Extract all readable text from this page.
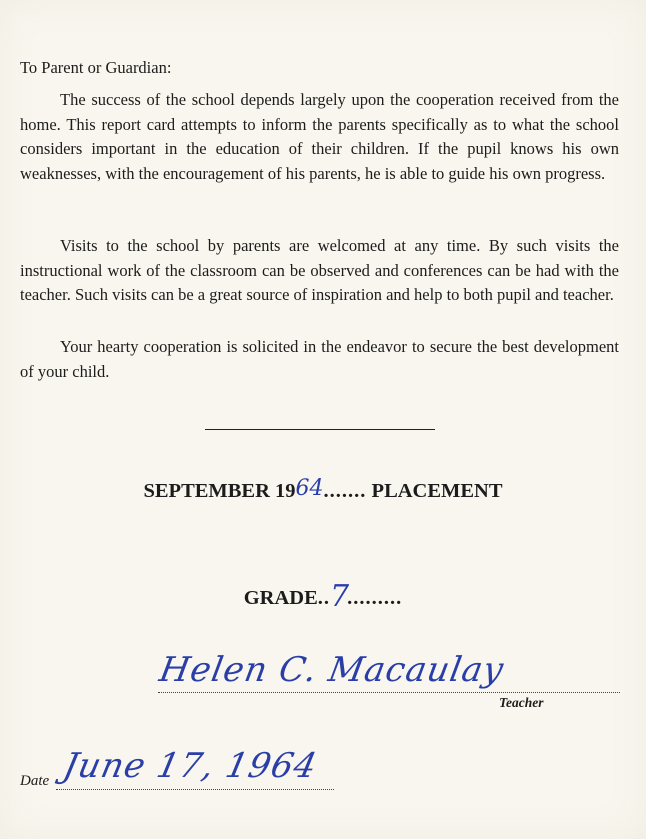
To Parent or Guardian:

The success of the school depends largely upon the cooperation received from the home. This report card attempts to inform the parents specifically as to what the school considers important in the education of their children. If the pupil knows his own weaknesses, with the encouragement of his parents, he is able to guide his own progress.

Visits to the school by parents are welcomed at any time. By such visits the instructional work of the classroom can be observed and conferences can be had with the teacher. Such visits can be a great source of inspiration and help to both pupil and teacher.

Your hearty cooperation is solicited in the endeavor to secure the best development of your child.

SEPTEMBER 1964....... PLACEMENT
GRADE..7.........
Helen C. Macaulay
Teacher
Date June 17, 1964
